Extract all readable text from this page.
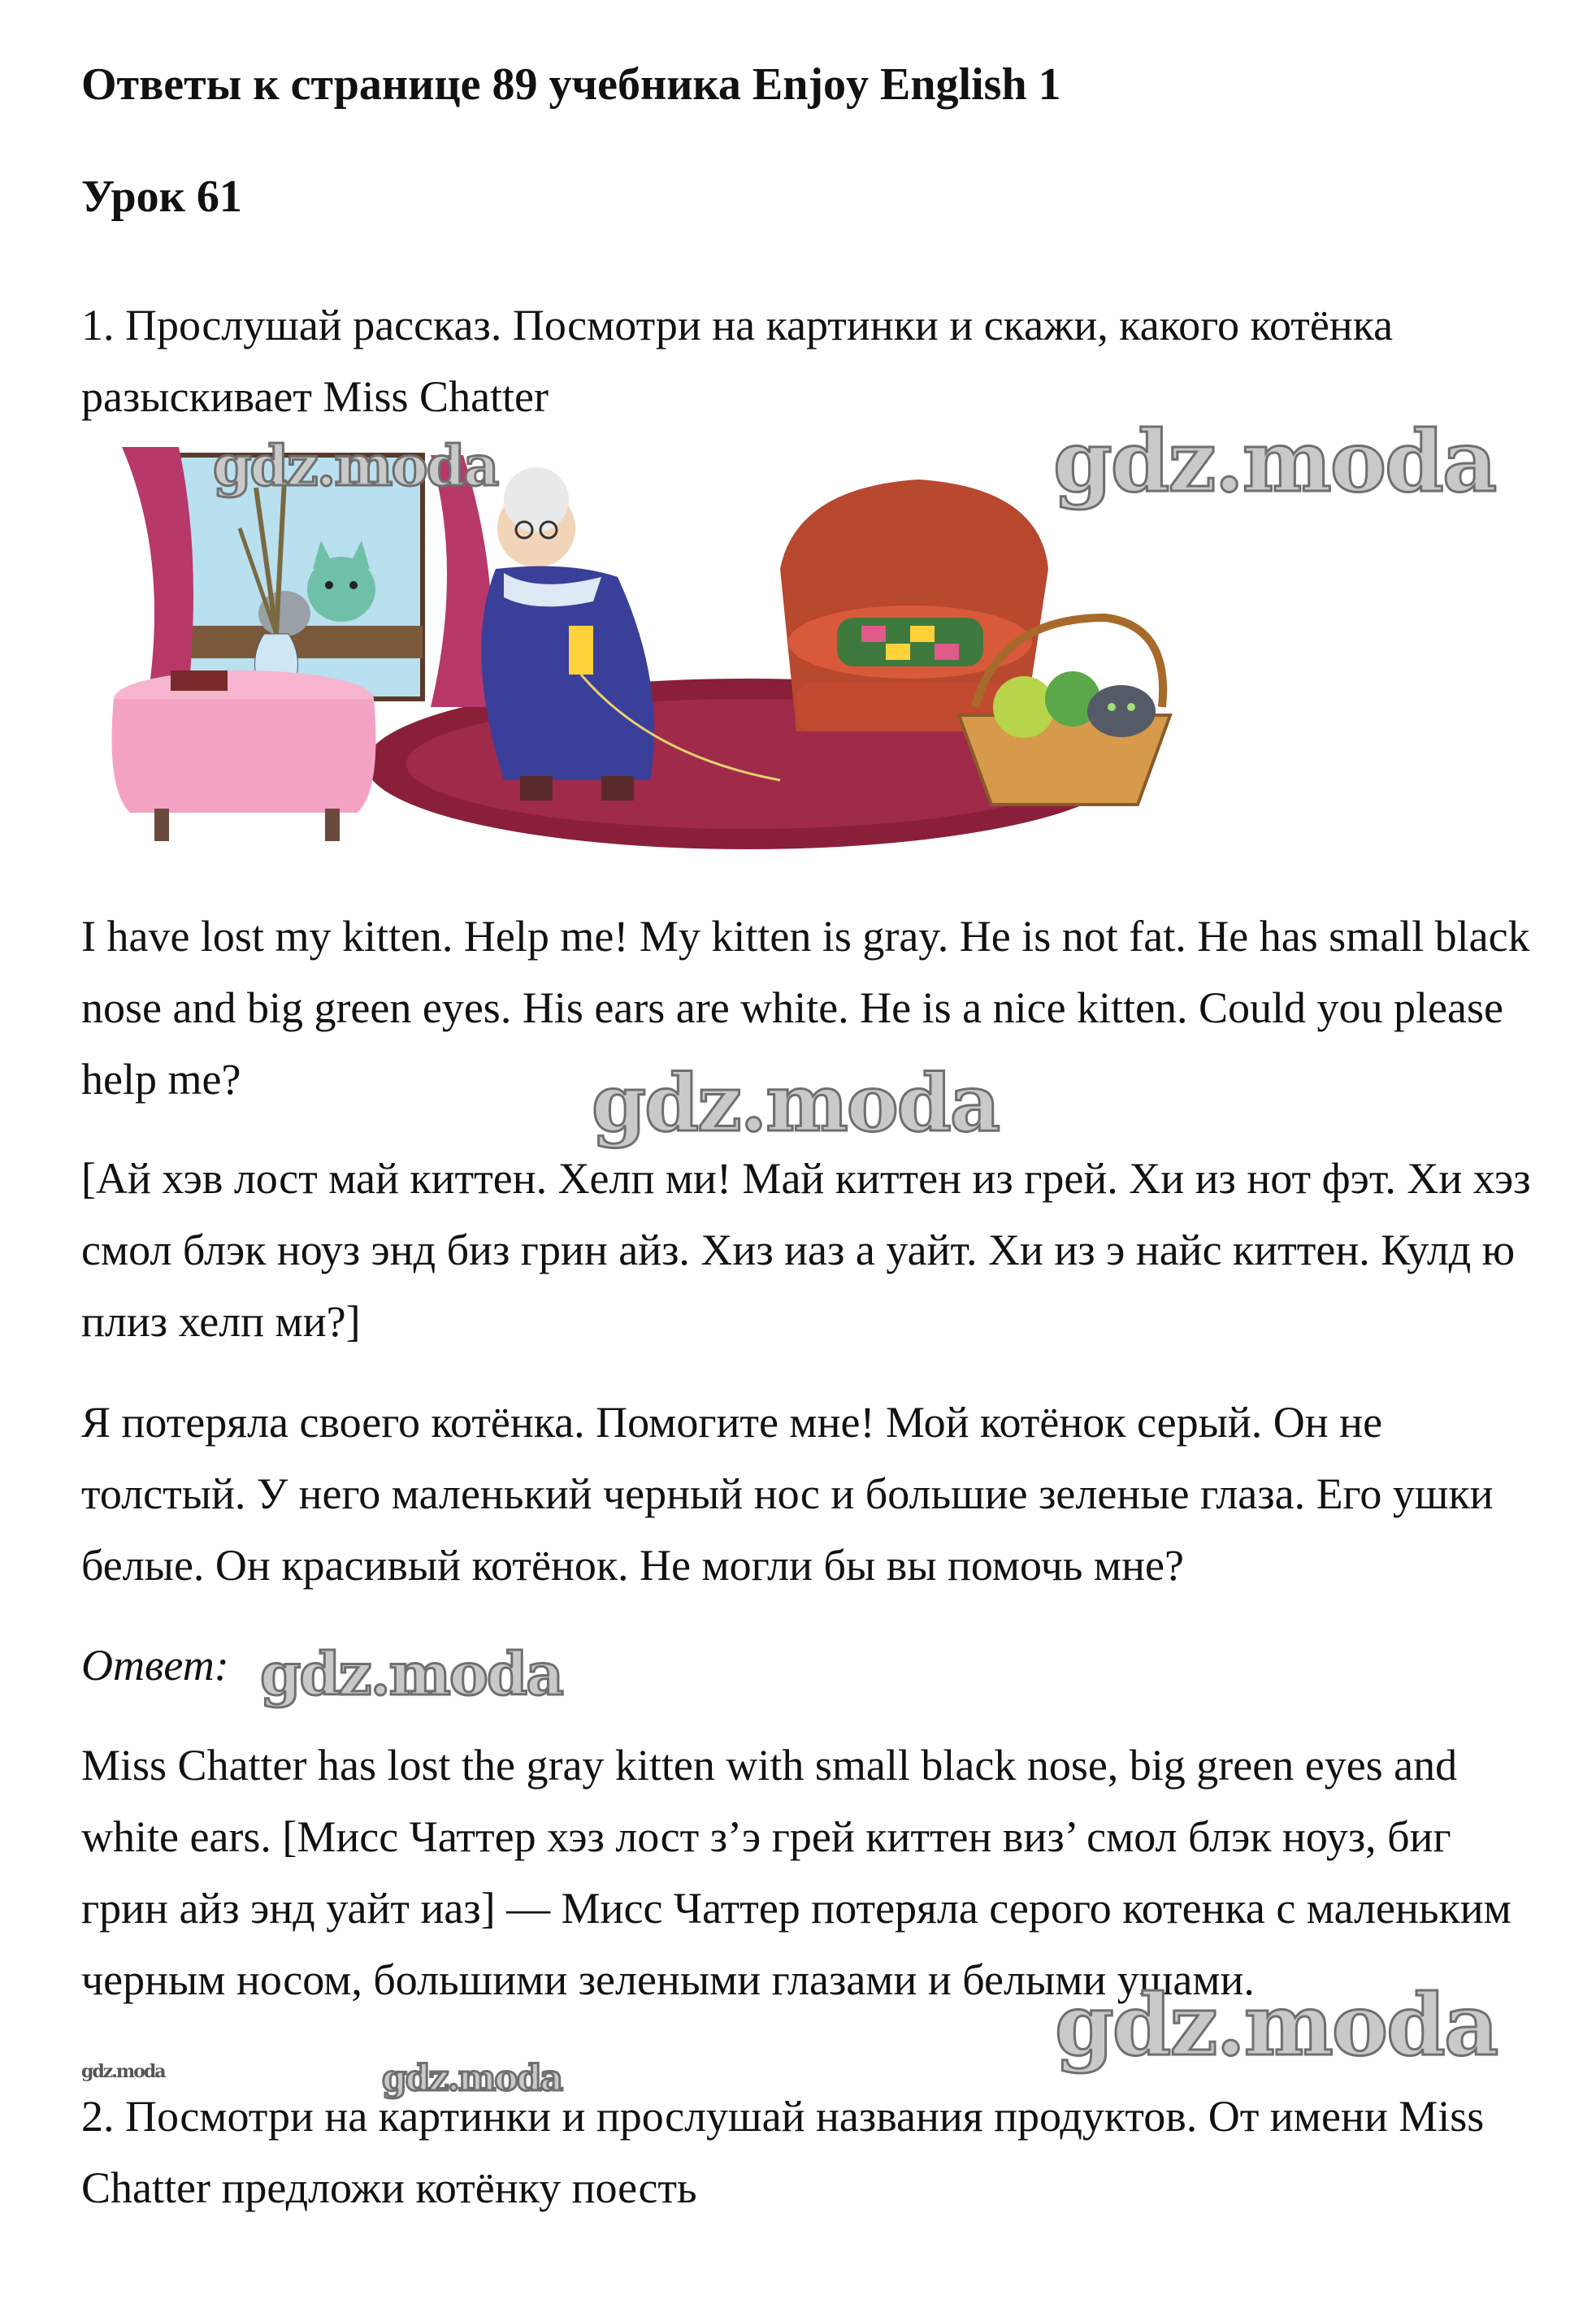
Ответы к странице 89 учебника Enjoy English 1
Урок 61

1. Прослушай рассказ. Посмотри на картинки и скажи, какого котёнка разыскивает Miss Chatter

gdz.moda	gdz.moda

I have lost my kitten. Help me! My kitten is gray. He is not fat. He has small black nose and big green eyes. His ears are white. He is a nice kitten. Could you please help me?	gdz.moda

[Ай хэв лост май киттен. Хелп ми! Май киттен из грей. Хи из нот фэт. Хи хэз смол блэк ноуз энд биз грин айз. Хиз иаз а уайт. Хи из э найс киттен. Кулд ю плиз хелп ми?]

Я потеряла своего котёнка. Помогите мне! Мой котёнок серый. Он не толстый. У него маленький черный нос и большие зеленые глаза. Его ушки белые. Он красивый котёнок. Не могли бы вы помочь мне?

Ответ: gdz.moda

Miss Chatter has lost the gray kitten with small black nose, big green eyes and white ears. [Мисс Чаттер хэз лост з’э грей киттен виз’ смол блэк ноуз, биг грин айз энд уайт иаз] — Мисс Чаттер потеряла серого котенка с маленьким черным носом, большими зелеными глазами и белыми ушами.

gdz.moda
gdz.moda	gdz.moda

2. Посмотри на картинки и прослушай названия продуктов. От имени Miss Chatter предложи котёнку поесть
